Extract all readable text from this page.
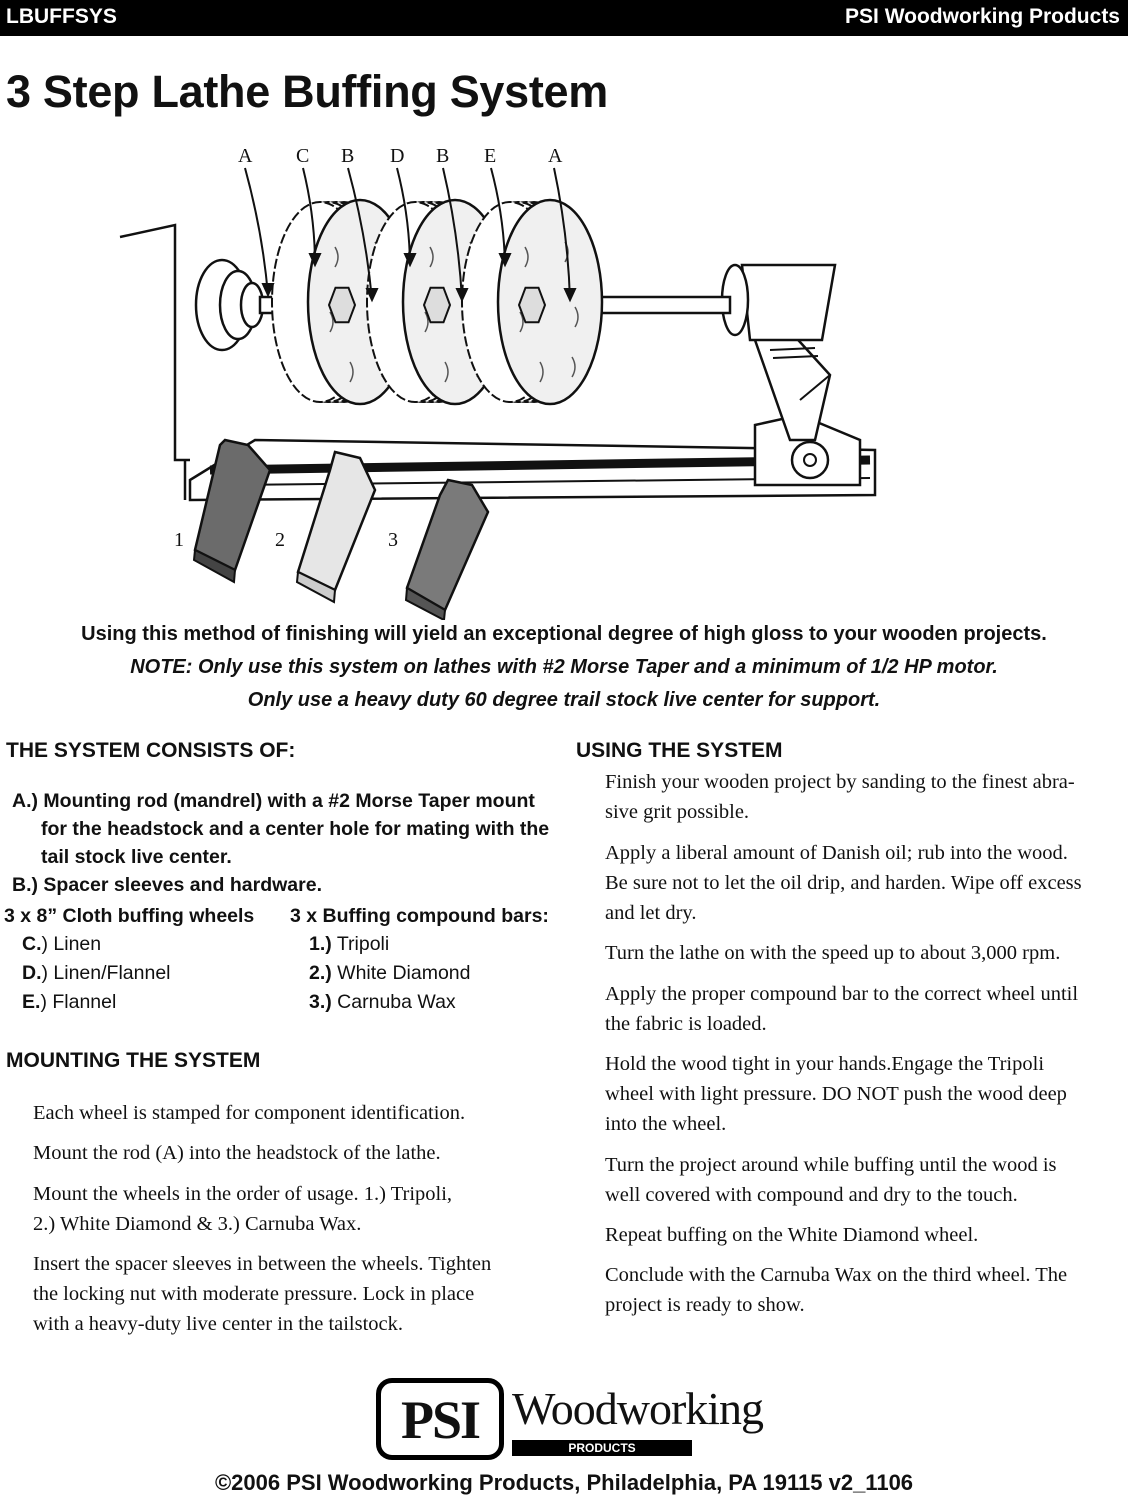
LBUFFSYS	PSI Woodworking Products
3 Step Lathe Buffing System
A C B D B E	A
1	2	3
Using this method of finishing will yield an exceptional degree of high gloss to your wooden projects.
NOTE: Only use this system on lathes with #2 Morse Taper and a minimum of 1/2 HP motor.
Only use a heavy duty 60 degree trail stock live center for support.
THE SYSTEM CONSISTS OF:
A.) Mounting rod (mandrel) with a #2 Morse Taper mount
for the headstock and a center hole for mating with the
tail stock live center.
B.) Spacer sleeves and hardware.
3 x 8” Cloth buffing wheels
C.) Linen
D.) Linen/Flannel
E.) Flannel
3 x Buffing compound bars:
1.) Tripoli
2.) White Diamond
3.) Carnuba Wax
MOUNTING THE SYSTEM

Each wheel is stamped for component identification.

Mount the rod (A) into the headstock of the lathe.

Mount the wheels in the order of usage. 1.) Tripoli,
2.) White Diamond & 3.) Carnuba Wax.

Insert the spacer sleeves in between the wheels. Tighten
the locking nut with moderate pressure. Lock in place
with a heavy-duty live center in the tailstock.

USING THE SYSTEM

Finish your wooden project by sanding to the finest abra-
sive grit possible.

Apply a liberal amount of Danish oil; rub into the wood.
Be sure not to let the oil drip, and harden. Wipe off excess
and let dry.

Turn the lathe on with the speed up to about 3,000 rpm.

Apply the proper compound bar to the correct wheel until
the fabric is loaded.

Hold the wood tight in your hands.Engage the Tripoli
wheel with light pressure. DO NOT push the wood deep
into the wheel.

Turn the project around while buffing until the wood is
well covered with compound and dry to the touch.

Repeat buffing on the White Diamond wheel.

Conclude with the Carnuba Wax on the third wheel. The
project is ready to show.

PSI Woodworking
PRODUCTS
©2006 PSI Woodworking Products, Philadelphia, PA 19115 v2_1106
